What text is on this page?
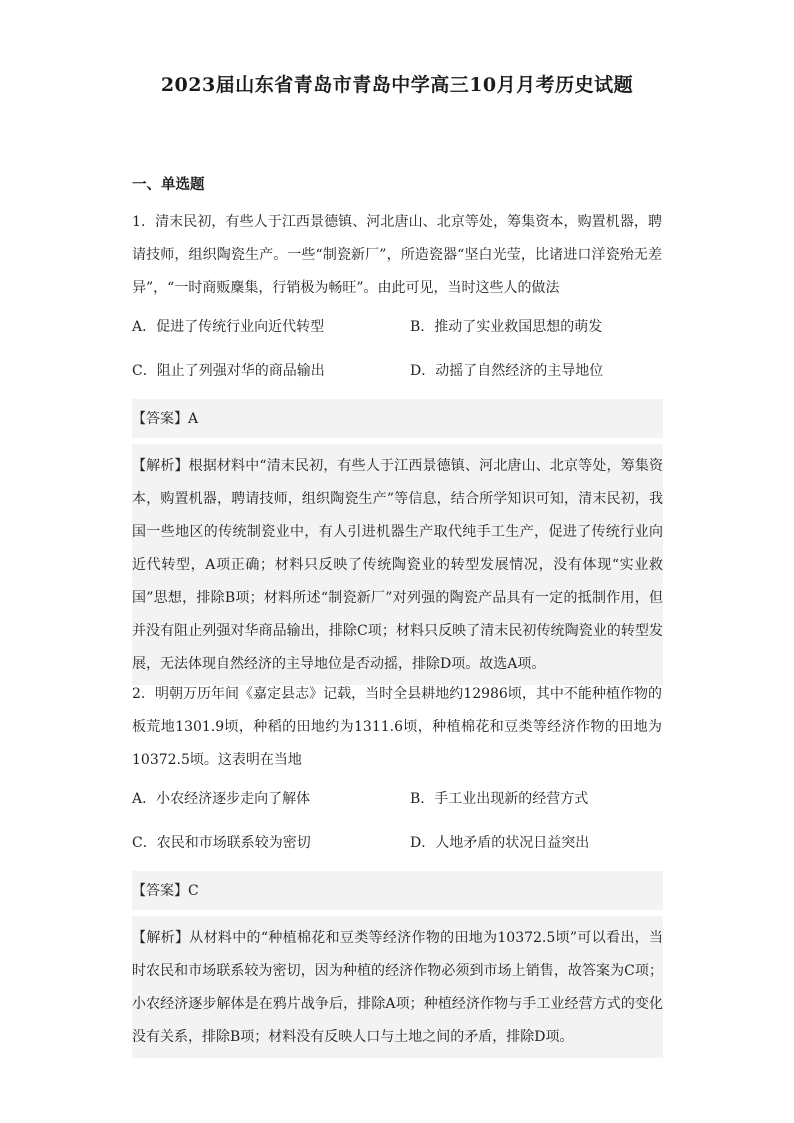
2023届山东省青岛市青岛中学高三10月月考历史试题
一、单选题

1．清末民初，有些人于江西景德镇、河北唐山、北京等处，筹集资本，购置机器，聘请技师，组织陶瓷生产。一些“制瓷新厂”，所造瓷器“坚白光莹，比诸进口洋瓷殆无差异”，“一时商贩麇集，行销极为畅旺”。由此可见，当时这些人的做法

A．促进了传统行业向近代转型	B．推动了实业救国思想的萌发
C．阻止了列强对华的商品输出	D．动摇了自然经济的主导地位
【答案】A
【解析】根据材料中“清末民初，有些人于江西景德镇、河北唐山、北京等处，筹集资本，购置机器，聘请技师，组织陶瓷生产”等信息，结合所学知识可知，清末民初，我国一些地区的传统制瓷业中，有人引进机器生产取代纯手工生产，促进了传统行业向近代转型，A项正确；材料只反映了传统陶瓷业的转型发展情况，没有体现“实业救国”思想，排除B项；材料所述“制瓷新厂”对列强的陶瓷产品具有一定的抵制作用，但并没有阻止列强对华商品输出，排除C项；材料只反映了清末民初传统陶瓷业的转型发展，无法体现自然经济的主导地位是否动摇，排除D项。故选A项。

2．明朝万历年间《嘉定县志》记载，当时全县耕地约12986顷，其中不能种植作物的板荒地1301.9顷，种稻的田地约为1311.6顷，种植棉花和豆类等经济作物的田地为10372.5顷。这表明在当地

A．小农经济逐步走向了解体	B．手工业出现新的经营方式
C．农民和市场联系较为密切	D．人地矛盾的状况日益突出
【答案】C
【解析】从材料中的“种植棉花和豆类等经济作物的田地为10372.5顷”可以看出，当时农民和市场联系较为密切，因为种植的经济作物必须到市场上销售，故答案为C项；小农经济逐步解体是在鸦片战争后，排除A项；种植经济作物与手工业经营方式的变化没有关系，排除B项；材料没有反映人口与土地之间的矛盾，排除D项。
